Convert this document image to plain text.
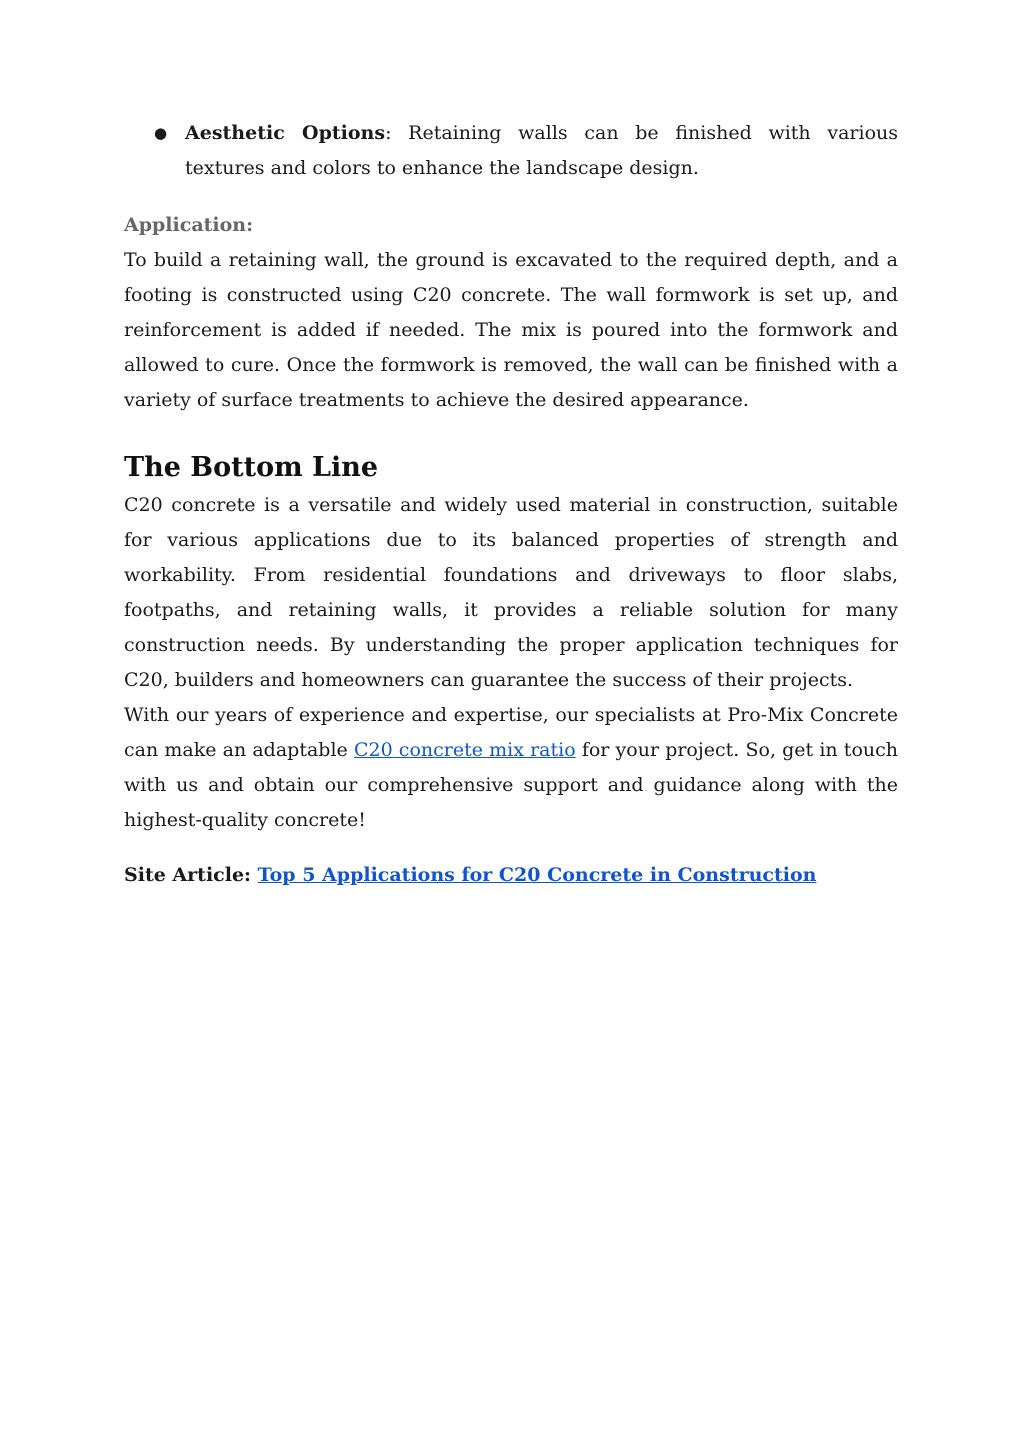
● Aesthetic Options: Retaining walls can be finished with various textures and colors to enhance the landscape design.
Application:

To build a retaining wall, the ground is excavated to the required depth, and a footing is constructed using C20 concrete. The wall formwork is set up, and reinforcement is added if needed. The mix is poured into the formwork and allowed to cure. Once the formwork is removed, the wall can be finished with a variety of surface treatments to achieve the desired appearance.

The Bottom Line

C20 concrete is a versatile and widely used material in construction, suitable for various applications due to its balanced properties of strength and workability. From residential foundations and driveways to floor slabs, footpaths, and retaining walls, it provides a reliable solution for many construction needs. By understanding the proper application techniques for C20, builders and homeowners can guarantee the success of their projects.

With our years of experience and expertise, our specialists at Pro-Mix Concrete can make an adaptable C20 concrete mix ratio for your project. So, get in touch with us and obtain our comprehensive support and guidance along with the highest-quality concrete!

Site Article: Top 5 Applications for C20 Concrete in Construction
